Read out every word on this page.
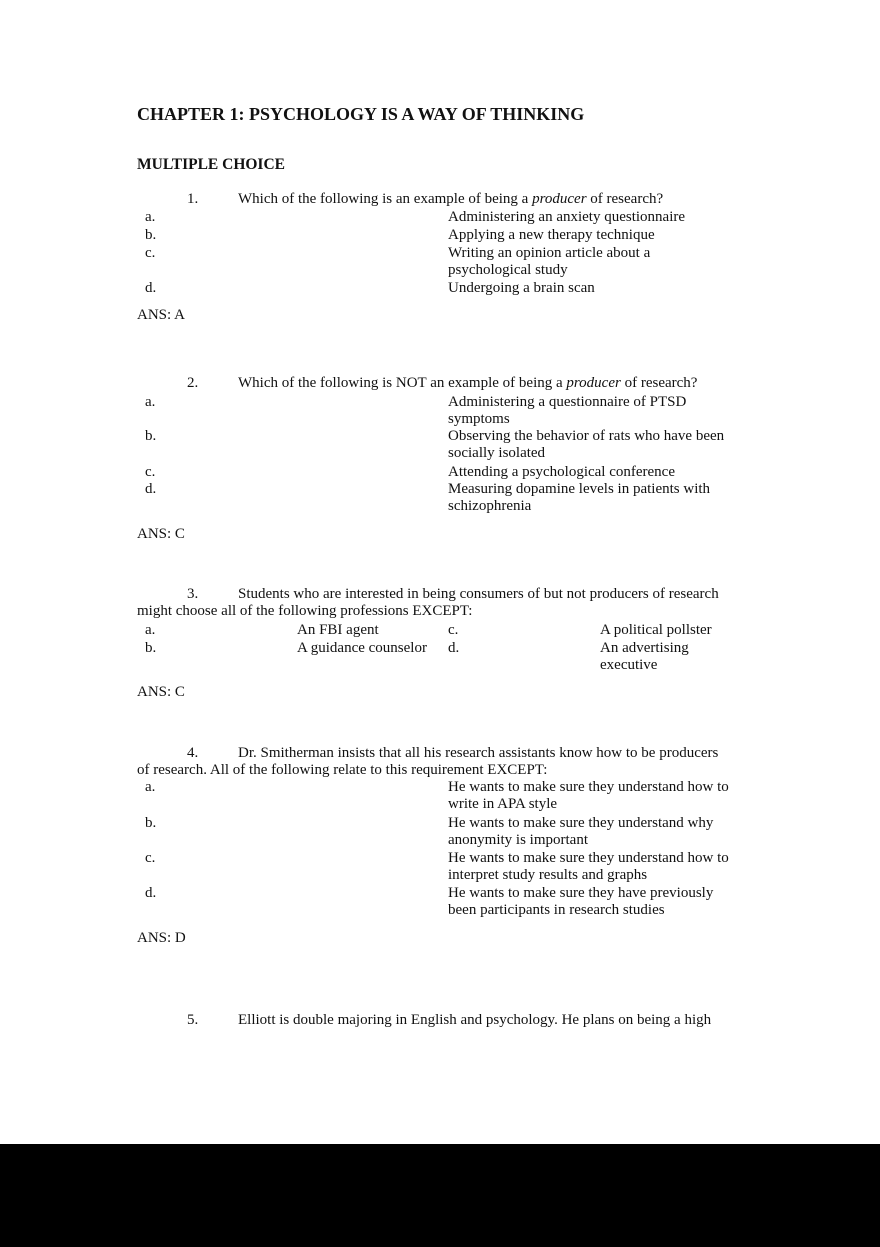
CHAPTER 1: PSYCHOLOGY IS A WAY OF THINKING
MULTIPLE CHOICE
1.	Which of the following is an example of being a producer of research?
a.	Administering an anxiety questionnaire
b.	Applying a new therapy technique
c.	Writing an opinion article about a psychological study
d.	Undergoing a brain scan
ANS: A
2.	Which of the following is NOT an example of being a producer of research?
a.	Administering a questionnaire of PTSD symptoms
b.	Observing the behavior of rats who have been socially isolated
c.	Attending a psychological conference
d.	Measuring dopamine levels in patients with schizophrenia
ANS: C
3.	Students who are interested in being consumers of but not producers of research
might choose all of the following professions EXCEPT:
a.	An FBI agent	c.	A political pollster
b.	A guidance counselor d.	An advertising executive
ANS: C
4.	Dr. Smitherman insists that all his research assistants know how to be producers
of research. All of the following relate to this requirement EXCEPT:
a.	He wants to make sure they understand how to write in APA style
b.	He wants to make sure they understand why anonymity is important
c.	He wants to make sure they understand how to interpret study results and graphs
d.	He wants to make sure they have previously been participants in research studies
ANS: D
5.	Elliott is double majoring in English and psychology. He plans on being a high
